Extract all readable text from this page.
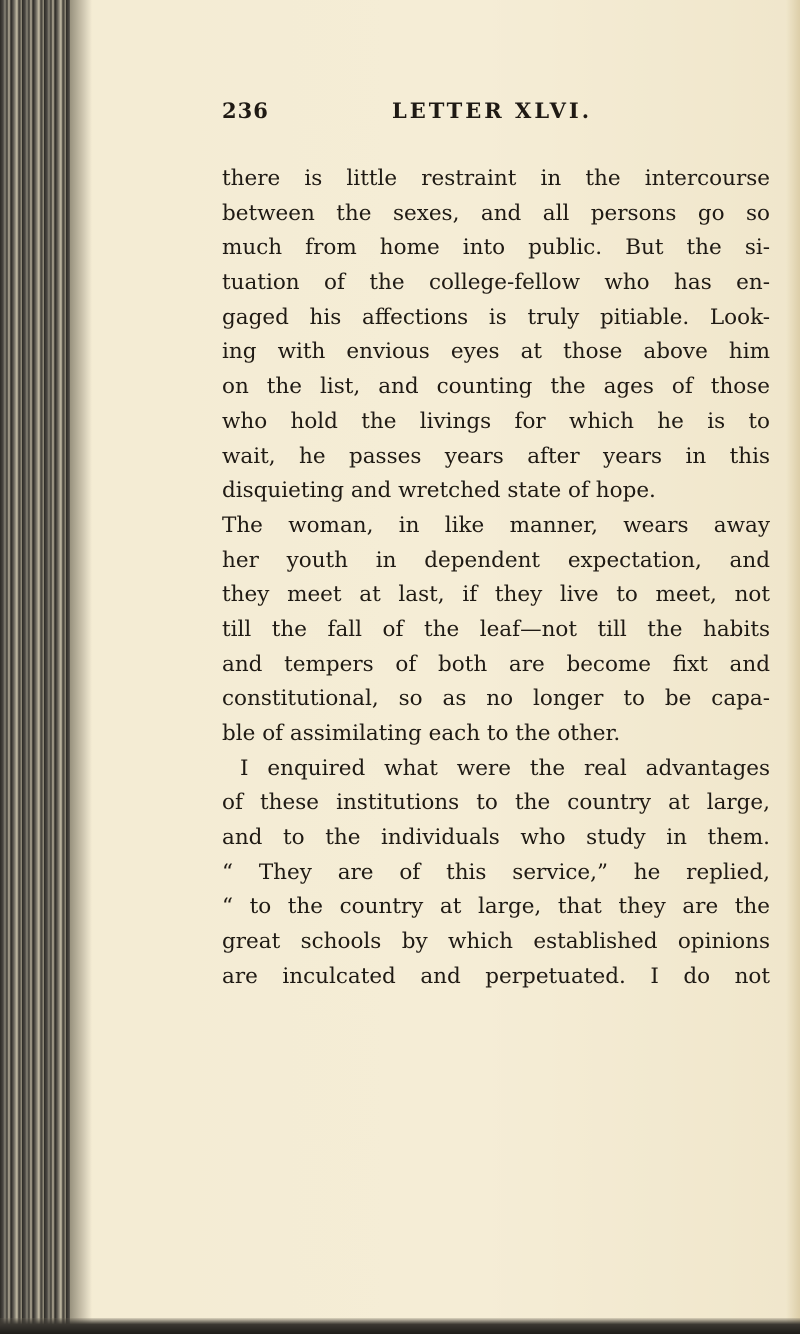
236	LETTER XLVI.
there is little restraint in the intercourse
between the sexes, and all persons go so
much from home into public. But the si-
tuation of the college-fellow who has en-
gaged his affections is truly pitiable. Look-
ing with envious eyes at those above him
on the list, and counting the ages of those
who hold the livings for which he is to
wait, he passes years after years in this
disquieting and wretched state of hope.
The woman, in like manner, wears away
her youth in dependent expectation, and
they meet at last, if they live to meet, not
till the fall of the leaf—not till the habits
and tempers of both are become fixt and
constitutional, so as no longer to be capa-
ble of assimilating each to the other.
I enquired what were the real advantages
of these institutions to the country at large,
and to the individuals who study in them.
“ They are of this service,” he replied,
“ to the country at large, that they are the
great schools by which established opinions
are inculcated and perpetuated. I do not
